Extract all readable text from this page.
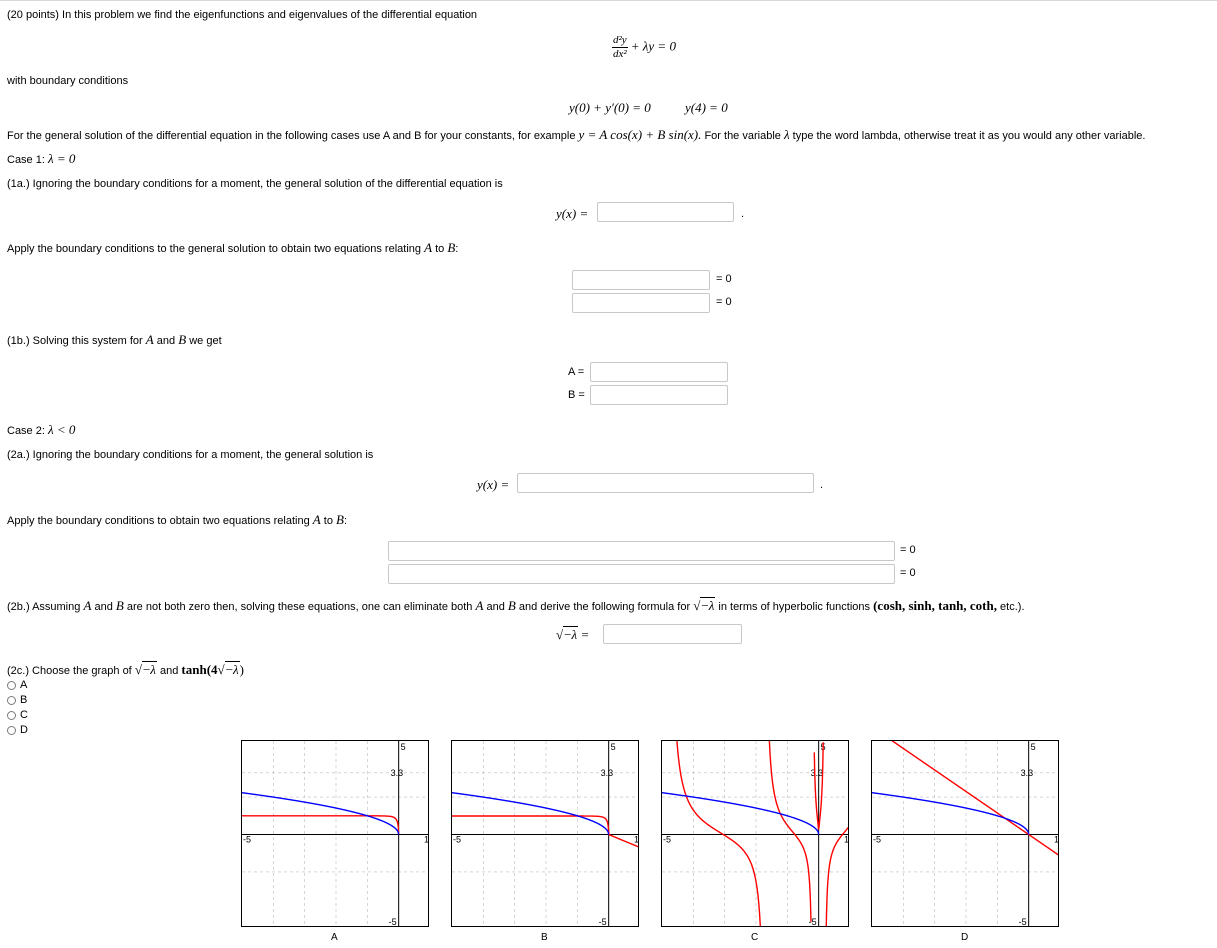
(20 points) In this problem we find the eigenfunctions and eigenvalues of the differential equation
$\frac{\text{d²y}}{\text{dx²}} + \lambda y = 0$
with boundary conditions
y(0) + y′(0) = 0	y(4) = 0
For the general solution of the differential equation in the following cases use A and B for your constants, for example y = A cos(x) + B sin(x). For the variable λ type the word lambda, otherwise treat it as you would any other variable.
Case 1: λ = 0
(1a.) Ignoring the boundary conditions for a moment, the general solution of the differential equation is
y(x) =	.
Apply the boundary conditions to the general solution to obtain two equations relating A to B:
= 0
= 0
(1b.) Solving this system for A and B we get
A =
B =
Case 2: λ < 0
(2a.) Ignoring the boundary conditions for a moment, the general solution is
y(x) =	.
Apply the boundary conditions to obtain two equations relating A to B:
= 0
= 0
(2b.) Assuming A and B are not both zero then, solving these equations, one can eliminate both A and B and derive the following formula for √−λ in terms of hyperbolic functions (cosh, sinh, tanh, coth, etc.).
√−λ =
(2c.) Choose the graph of √−λ and tanh(4√−λ)
A
B
C
D
5
3.3
-5	1
-5
5
3.3
-5	1
-5
5
3.3
-5	1
-5
5
3.3
-5	1
-5
A	B	C	D
